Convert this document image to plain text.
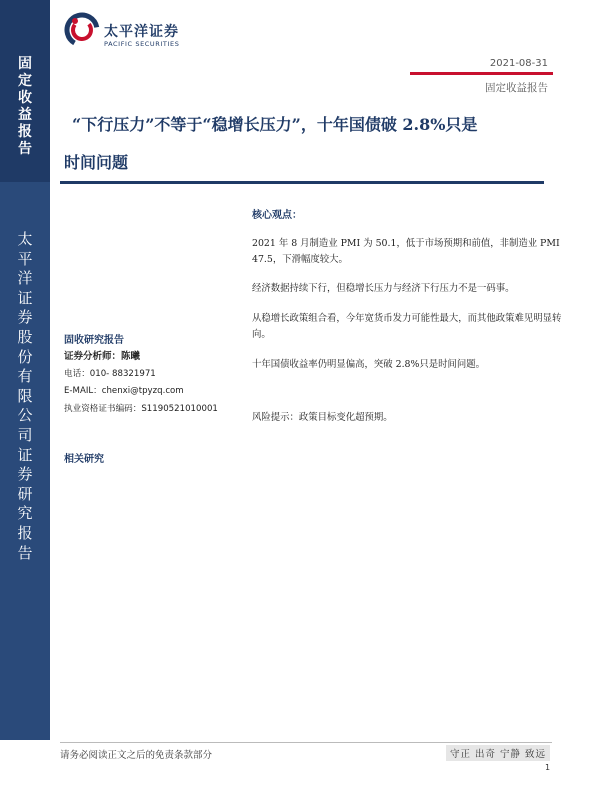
固
定
收
益
报
告
太
平
洋
证
券
股
份
有
限
公
司
证
券
研
究
报
告
太平洋证券
PACIFIC SECURITIES
2021-08-31
固定收益报告
“下行压力”不等于“稳增长压力”，十年国债破 2.8%只是
时间问题
核心观点：
2021 年 8 月制造业 PMI 为 50.1，低于市场预期和前值，非制造业 PMI 47.5，下滑幅度较大。
经济数据持续下行，但稳增长压力与经济下行压力不是一码事。
从稳增长政策组合看，今年宽货币发力可能性最大，而其他政策难见明显转向。
十年国债收益率仍明显偏高，突破 2.8%只是时间问题。
风险提示：政策目标变化超预期。
固收研究报告
证券分析师：陈曦
电话：010- 88321971
E-MAIL：chenxi@tpyzq.com
执业资格证书编码：S1190521010001
相关研究
请务必阅读正文之后的免责条款部分	守正 出奇 宁静 致远
1
